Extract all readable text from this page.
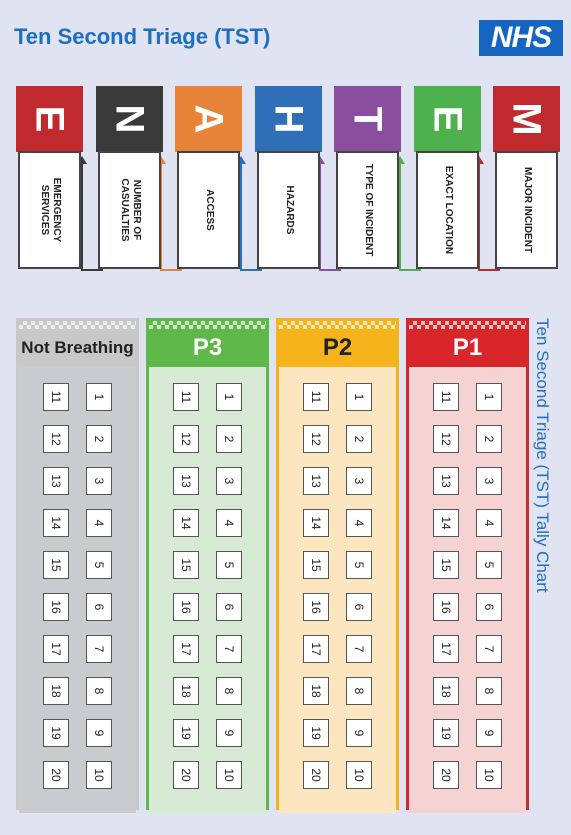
Ten Second Triage (TST)	NHS
E
EMERGENCY SERVICES
N
NUMBER OF CASUALTIES
A
ACCESS
H
HAZARDS
T
TYPE OF INCIDENT
E
EXACT LOCATION
M
MAJOR INCIDENT
Not Breathing
11 1
12 2
13 3
14 4
15 5
16 6
17 7
18 8
19 9
20 10
P3
11 1
12 2
13 3
14 4
15 5
16 6
17 7
18 8
19 9
20 10
P2
11 1
12 2
13 3
14 4
15 5
16 6
17 7
18 8
19 9
20 10
P1
11 1
12 2
13 3
14 4
15 5
16 6
17 7
18 8
19 9
20 10
Ten Second Triage (TST) Tally Chart
